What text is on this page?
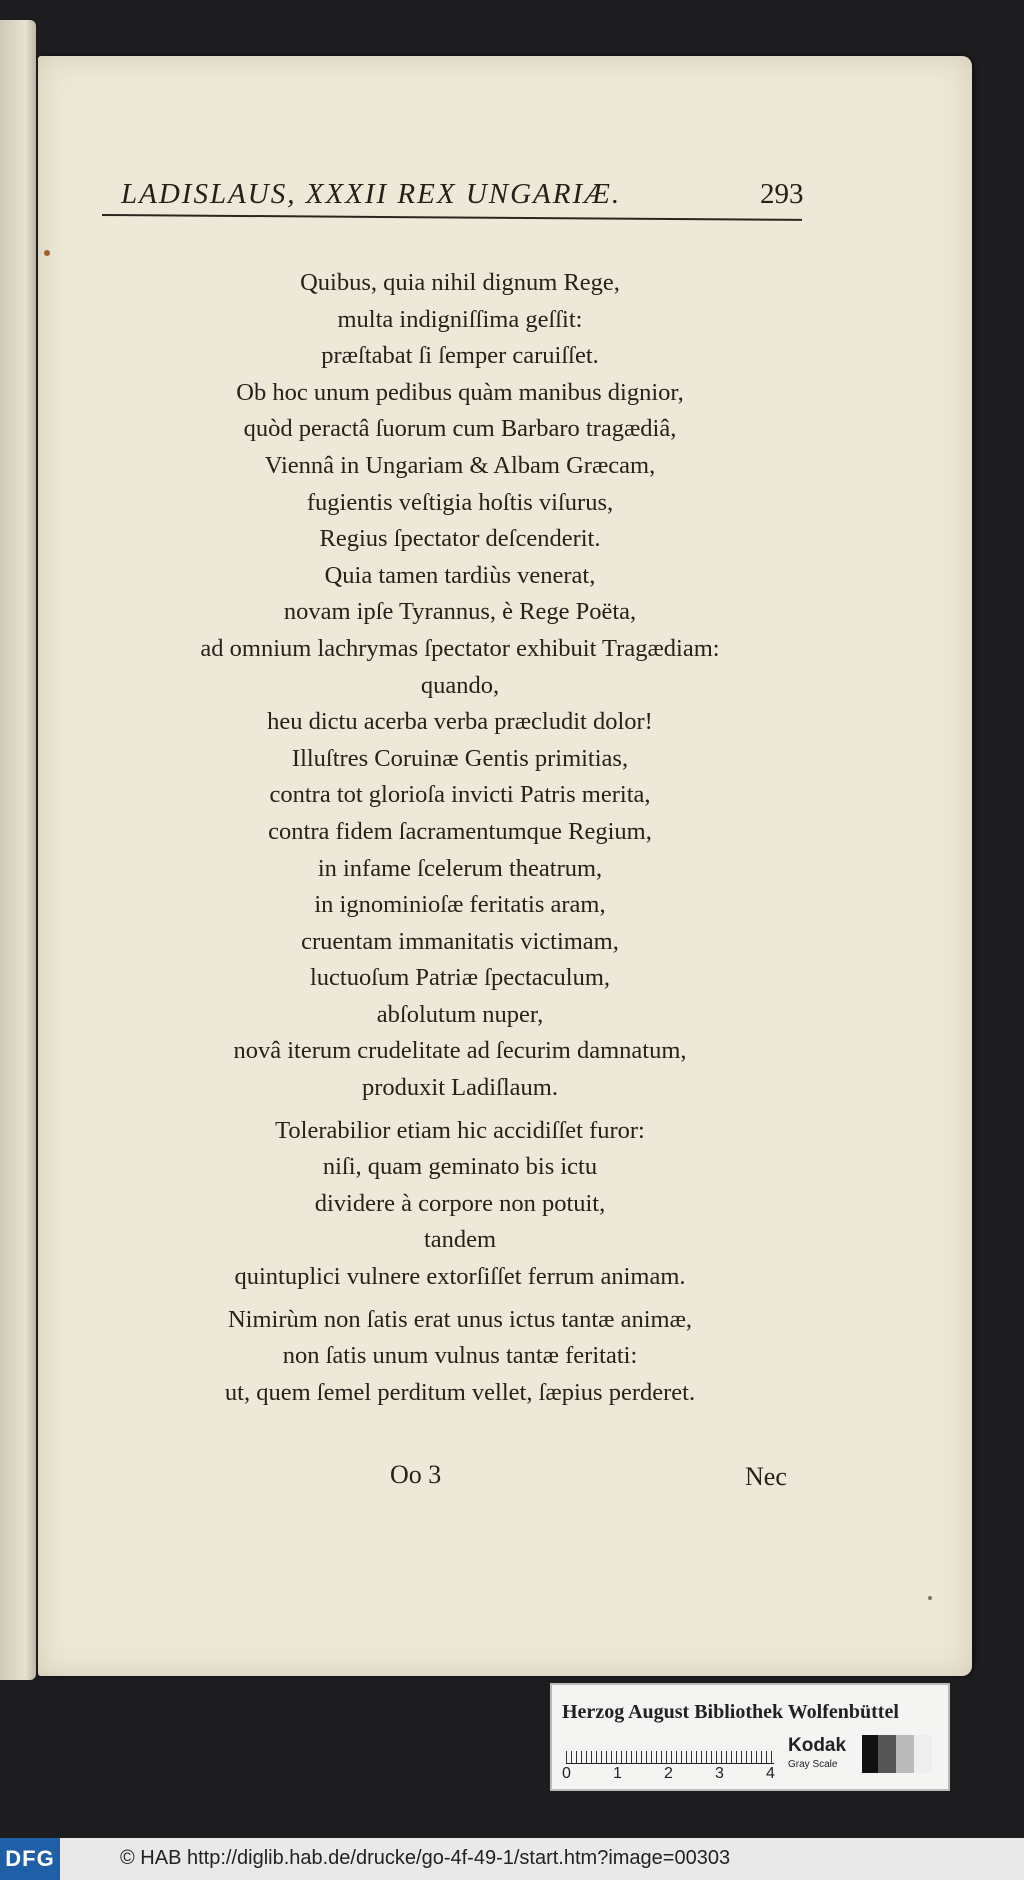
LADISLAUS, XXXII REX UNGARIÆ.	293
Quibus, quia nihil dignum Rege,
multa indigniſſima geſſit:
præſtabat ſi ſemper caruiſſet.
Ob hoc unum pedibus quàm manibus dignior,
quòd peractâ ſuorum cum Barbaro tragædiâ,
Viennâ in Ungariam & Albam Græcam,
fugientis veſtigia hoſtis viſurus,
Regius ſpectator deſcenderit.
Quia tamen tardiùs venerat,
novam ipſe Tyrannus, è Rege Poëta,
ad omnium lachrymas ſpectator exhibuit Tragædiam:
quando,
heu dictu acerba verba præcludit dolor!
Illuſtres Coruinæ Gentis primitias,
contra tot glorioſa invicti Patris merita,
contra fidem ſacramentumque Regium,
in infame ſcelerum theatrum,
in ignominioſæ feritatis aram,
cruentam immanitatis victimam,
luctuoſum Patriæ ſpectaculum,
abſolutum nuper,
novâ iterum crudelitate ad ſecurim damnatum,
produxit Ladiſlaum.
Tolerabilior etiam hic accidiſſet furor:
niſi, quam geminato bis ictu
dividere à corpore non potuit,
tandem
quintuplici vulnere extorſiſſet ferrum animam.
Nimirùm non ſatis erat unus ictus tantæ animæ,
non ſatis unum vulnus tantæ feritati:
ut, quem ſemel perditum vellet, ſæpius perderet.
Oo 3	Nec
Herzog August Bibliothek Wolfenbüttel
0	1	2	3	4
Kodak
Gray Scale
DFG	© HAB http://diglib.hab.de/drucke/go-4f-49-1/start.htm?image=00303
